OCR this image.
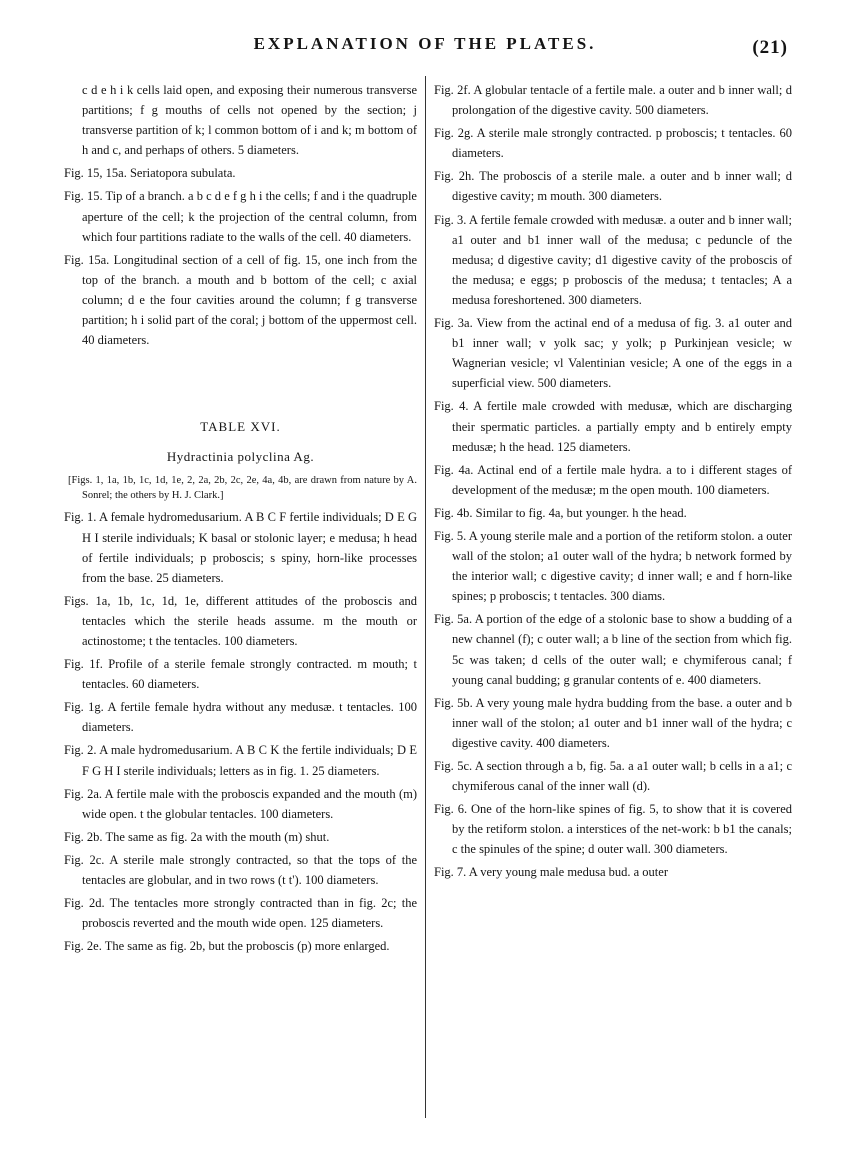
EXPLANATION OF THE PLATES.	(21)

c d e h i k cells laid open, and exposing their numerous transverse partitions; f g mouths of cells not opened by the section; j transverse partition of k; l common bottom of i and k; m bottom of h and c, and perhaps of others. 5 diameters.

Fig. 15, 15a. Seriatopora subulata.

Fig. 15. Tip of a branch. a b c d e f g h i the cells; f and i the quadruple aperture of the cell; k the projection of the central column, from which four partitions radiate to the walls of the cell. 40 diameters.

Fig. 15a. Longitudinal section of a cell of fig. 15, one inch from the top of the branch. a mouth and b bottom of the cell; c axial column; d e the four cavities around the column; f g transverse partition; h i solid part of the coral; j bottom of the uppermost cell. 40 diameters.

TABLE XVI.
Hydractinia polyclina Ag.

[Figs. 1, 1a, 1b, 1c, 1d, 1e, 2, 2a, 2b, 2c, 2e, 4a, 4b, are drawn from nature by A. Sonrel; the others by H. J. Clark.]

Fig. 1. A female hydromedusarium. A B C F fertile individuals; D E G H I sterile individuals; K basal or stolonic layer; e medusa; h head of fertile individuals; p proboscis; s spiny, horn-like processes from the base. 25 diameters.

Figs. 1a, 1b, 1c, 1d, 1e, different attitudes of the proboscis and tentacles which the sterile heads assume. m the mouth or actinostome; t the tentacles. 100 diameters.

Fig. 1f. Profile of a sterile female strongly contracted. m mouth; t tentacles. 60 diameters.

Fig. 1g. A fertile female hydra without any medusæ. t tentacles. 100 diameters.

Fig. 2. A male hydromedusarium. A B C K the fertile individuals; D E F G H I sterile individuals; letters as in fig. 1. 25 diameters.

Fig. 2a. A fertile male with the proboscis expanded and the mouth (m) wide open. t the globular tentacles. 100 diameters.

Fig. 2b. The same as fig. 2a with the mouth (m) shut.

Fig. 2c. A sterile male strongly contracted, so that the tops of the tentacles are globular, and in two rows (t t'). 100 diameters.

Fig. 2d. The tentacles more strongly contracted than in fig. 2c; the proboscis reverted and the mouth wide open. 125 diameters.

Fig. 2e. The same as fig. 2b, but the proboscis (p) more enlarged.

Fig. 2f. A globular tentacle of a fertile male. a outer and b inner wall; d prolongation of the digestive cavity. 500 diameters.

Fig. 2g. A sterile male strongly contracted. p proboscis; t tentacles. 60 diameters.

Fig. 2h. The proboscis of a sterile male. a outer and b inner wall; d digestive cavity; m mouth. 300 diameters.

Fig. 3. A fertile female crowded with medusæ. a outer and b inner wall; a1 outer and b1 inner wall of the medusa; c peduncle of the medusa; d digestive cavity; d1 digestive cavity of the proboscis of the medusa; e eggs; p proboscis of the medusa; t tentacles; A a medusa foreshortened. 300 diameters.

Fig. 3a. View from the actinal end of a medusa of fig. 3. a1 outer and b1 inner wall; v yolk sac; y yolk; p Purkinjean vesicle; w Wagnerian vesicle; vl Valentinian vesicle; A one of the eggs in a superficial view. 500 diameters.

Fig. 4. A fertile male crowded with medusæ, which are discharging their spermatic particles. a partially empty and b entirely empty medusæ; h the head. 125 diameters.

Fig. 4a. Actinal end of a fertile male hydra. a to i different stages of development of the medusæ; m the open mouth. 100 diameters.

Fig. 4b. Similar to fig. 4a, but younger. h the head.

Fig. 5. A young sterile male and a portion of the retiform stolon. a outer wall of the stolon; a1 outer wall of the hydra; b network formed by the interior wall; c digestive cavity; d inner wall; e and f horn-like spines; p proboscis; t tentacles. 300 diams.

Fig. 5a. A portion of the edge of a stolonic base to show a budding of a new channel (f); c outer wall; a b line of the section from which fig. 5c was taken; d cells of the outer wall; e chymiferous canal; f young canal budding; g granular contents of e. 400 diameters.

Fig. 5b. A very young male hydra budding from the base. a outer and b inner wall of the stolon; a1 outer and b1 inner wall of the hydra; c digestive cavity. 400 diameters.

Fig. 5c. A section through a b, fig. 5a. a a1 outer wall; b cells in a a1; c chymiferous canal of the inner wall (d).

Fig. 6. One of the horn-like spines of fig. 5, to show that it is covered by the retiform stolon. a interstices of the net-work: b b1 the canals; c the spinules of the spine; d outer wall. 300 diameters.

Fig. 7. A very young male medusa bud. a outer
